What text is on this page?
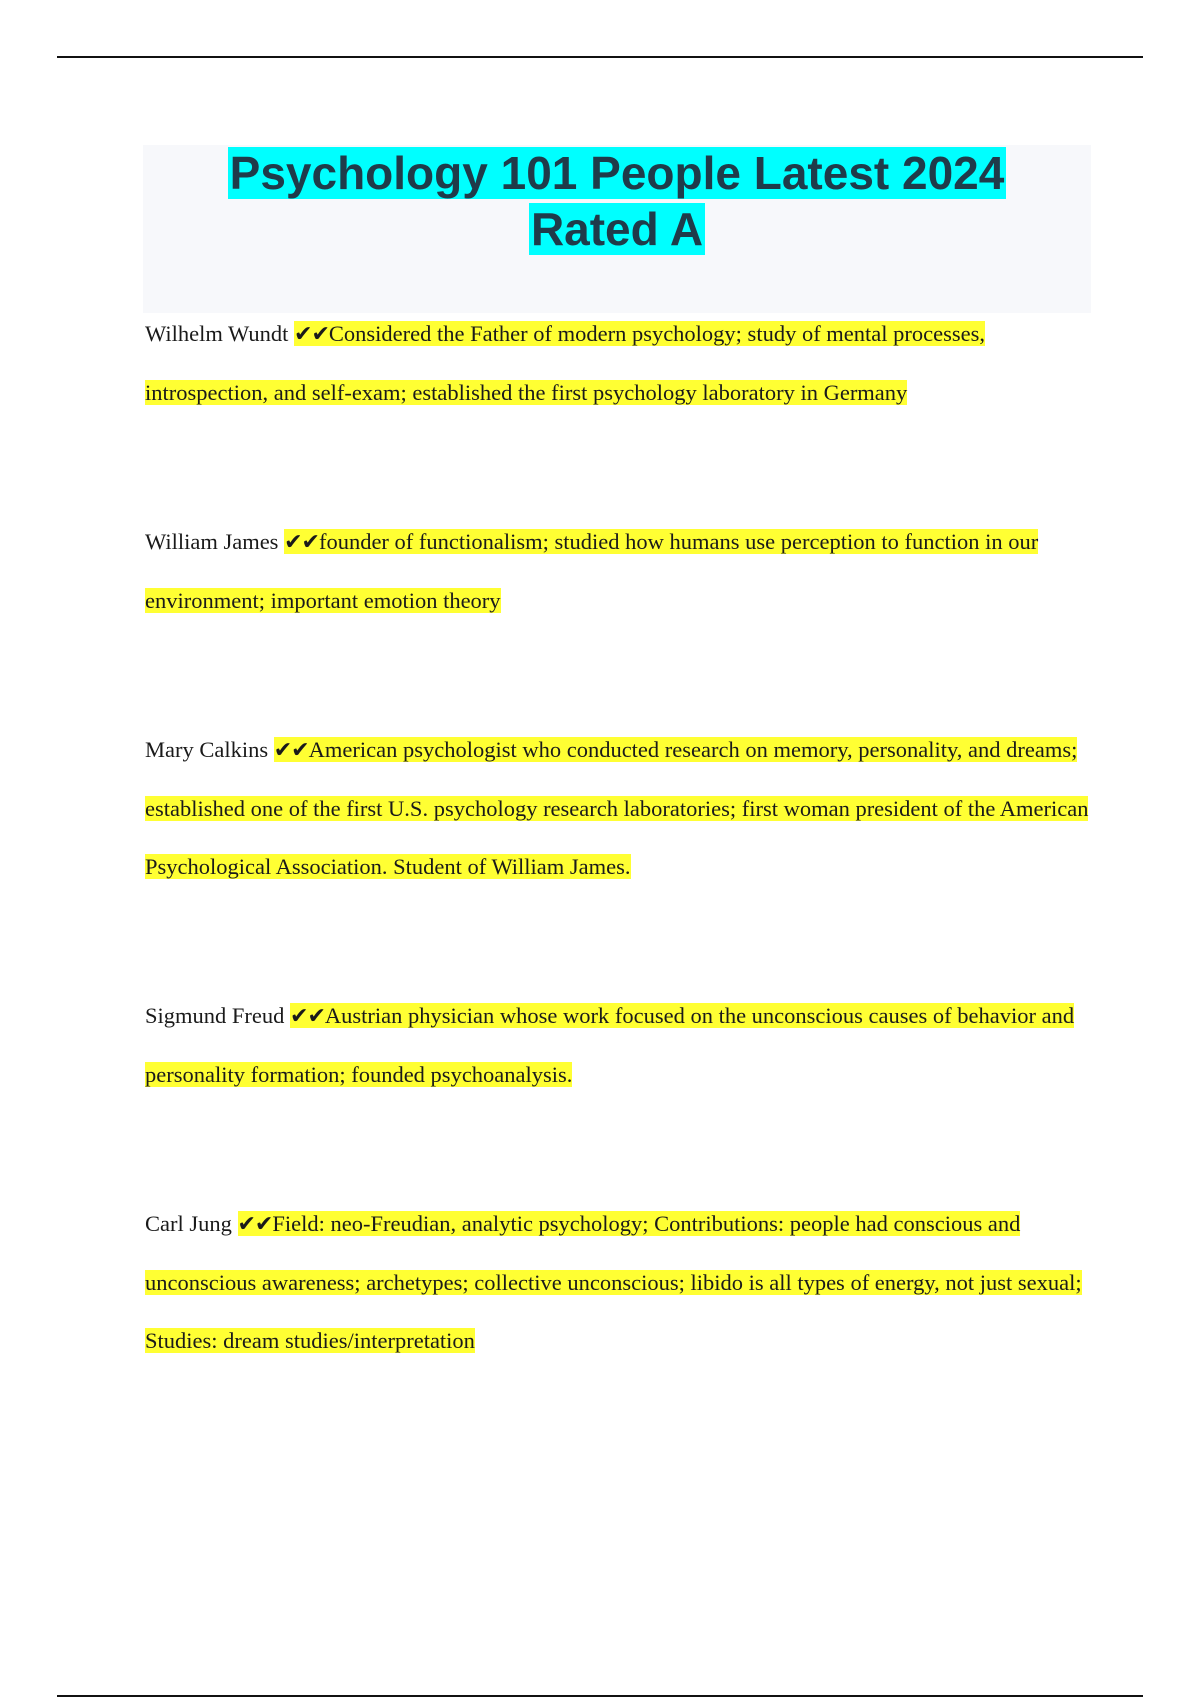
Psychology 101 People Latest 2024
Rated A

Wilhelm Wundt ✔✔Considered the Father of modern psychology; study of mental processes, introspection, and self-exam; established the first psychology laboratory in Germany

William James ✔✔founder of functionalism; studied how humans use perception to function in our environment; important emotion theory

Mary Calkins ✔✔American psychologist who conducted research on memory, personality, and dreams; established one of the first U.S. psychology research laboratories; first woman president of the American Psychological Association. Student of William James.

Sigmund Freud ✔✔Austrian physician whose work focused on the unconscious causes of behavior and personality formation; founded psychoanalysis.

Carl Jung ✔✔Field: neo-Freudian, analytic psychology; Contributions: people had conscious and unconscious awareness; archetypes; collective unconscious; libido is all types of energy, not just sexual; Studies: dream studies/interpretation
